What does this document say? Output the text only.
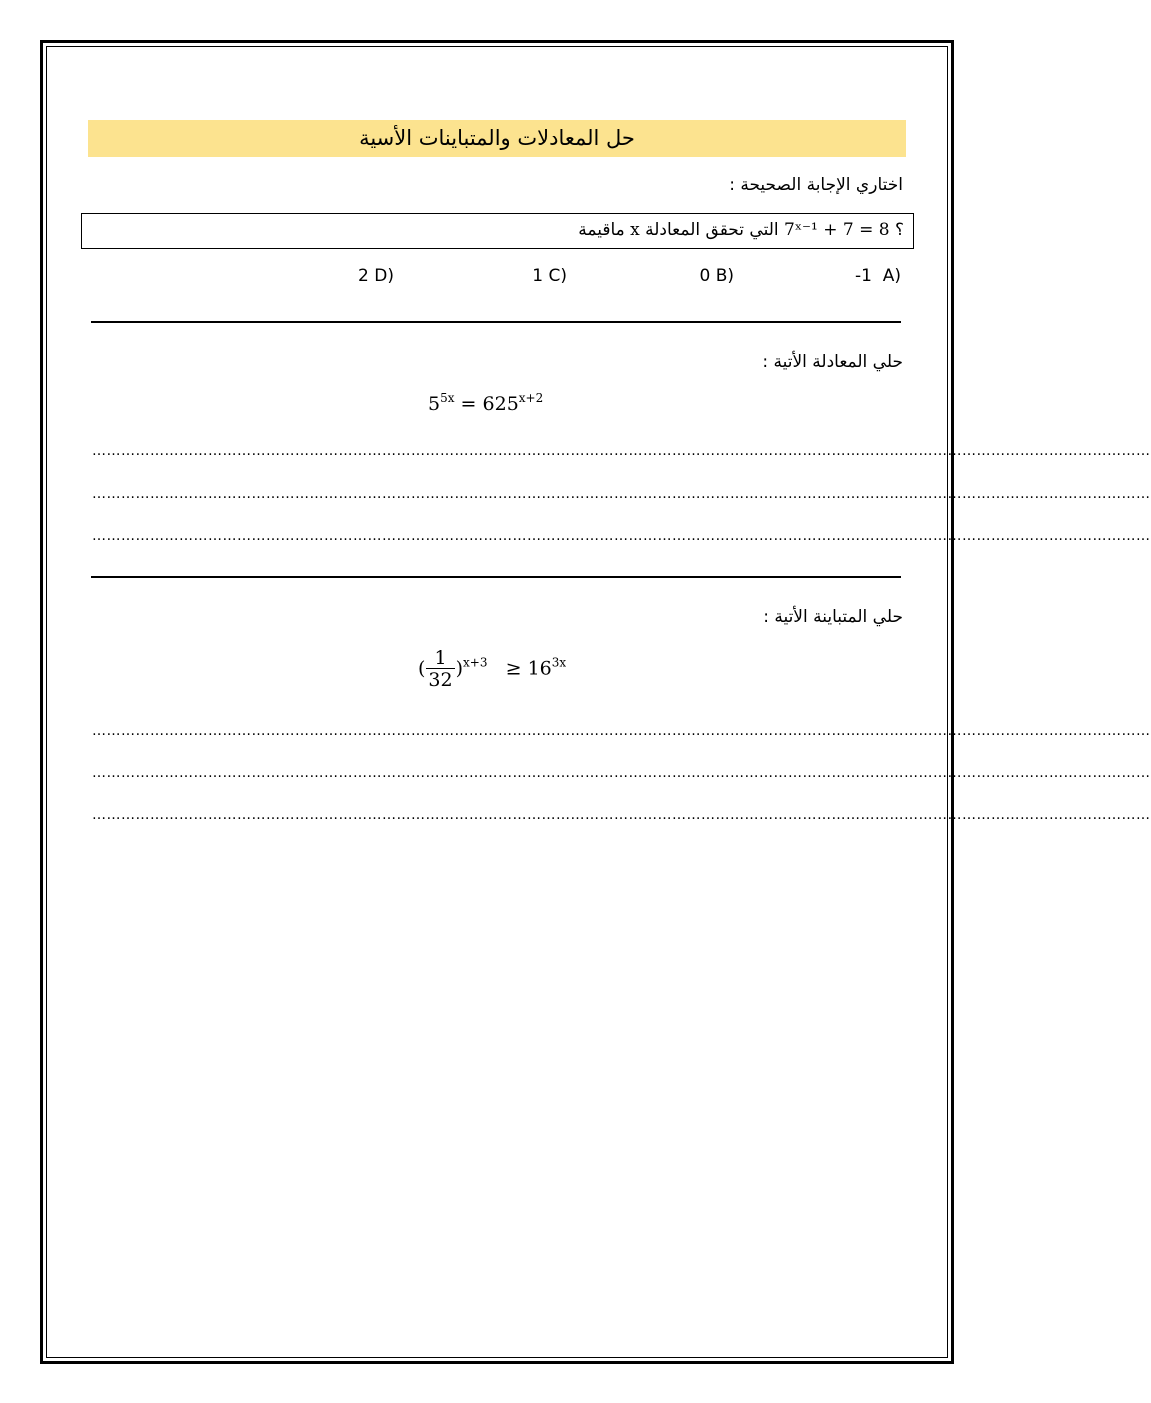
حل المعادلات والمتباينات الأسية
اختاري الإجابة الصحيحة :
ماقيمة x التي تحقق المعادلة 7ˣ⁻¹ + 7 = 8 ؟
-1 A)
0 B)
1 C)
2 D)
حلي المعادلة الأتية :
$5^{5x} = 625^{x+2}$
…………………………………………………………………………………………………………………………………………………………………………………………………
…………………………………………………………………………………………………………………………………………………………………………………………………
…………………………………………………………………………………………………………………………………………………………………………………………………
حلي المتباينة الأتية :
( $\frac{1}{32} )^{x+3} \ge 16^{3x}$
…………………………………………………………………………………………………………………………………………………………………………………………………
…………………………………………………………………………………………………………………………………………………………………………………………………
…………………………………………………………………………………………………………………………………………………………………………………………………
